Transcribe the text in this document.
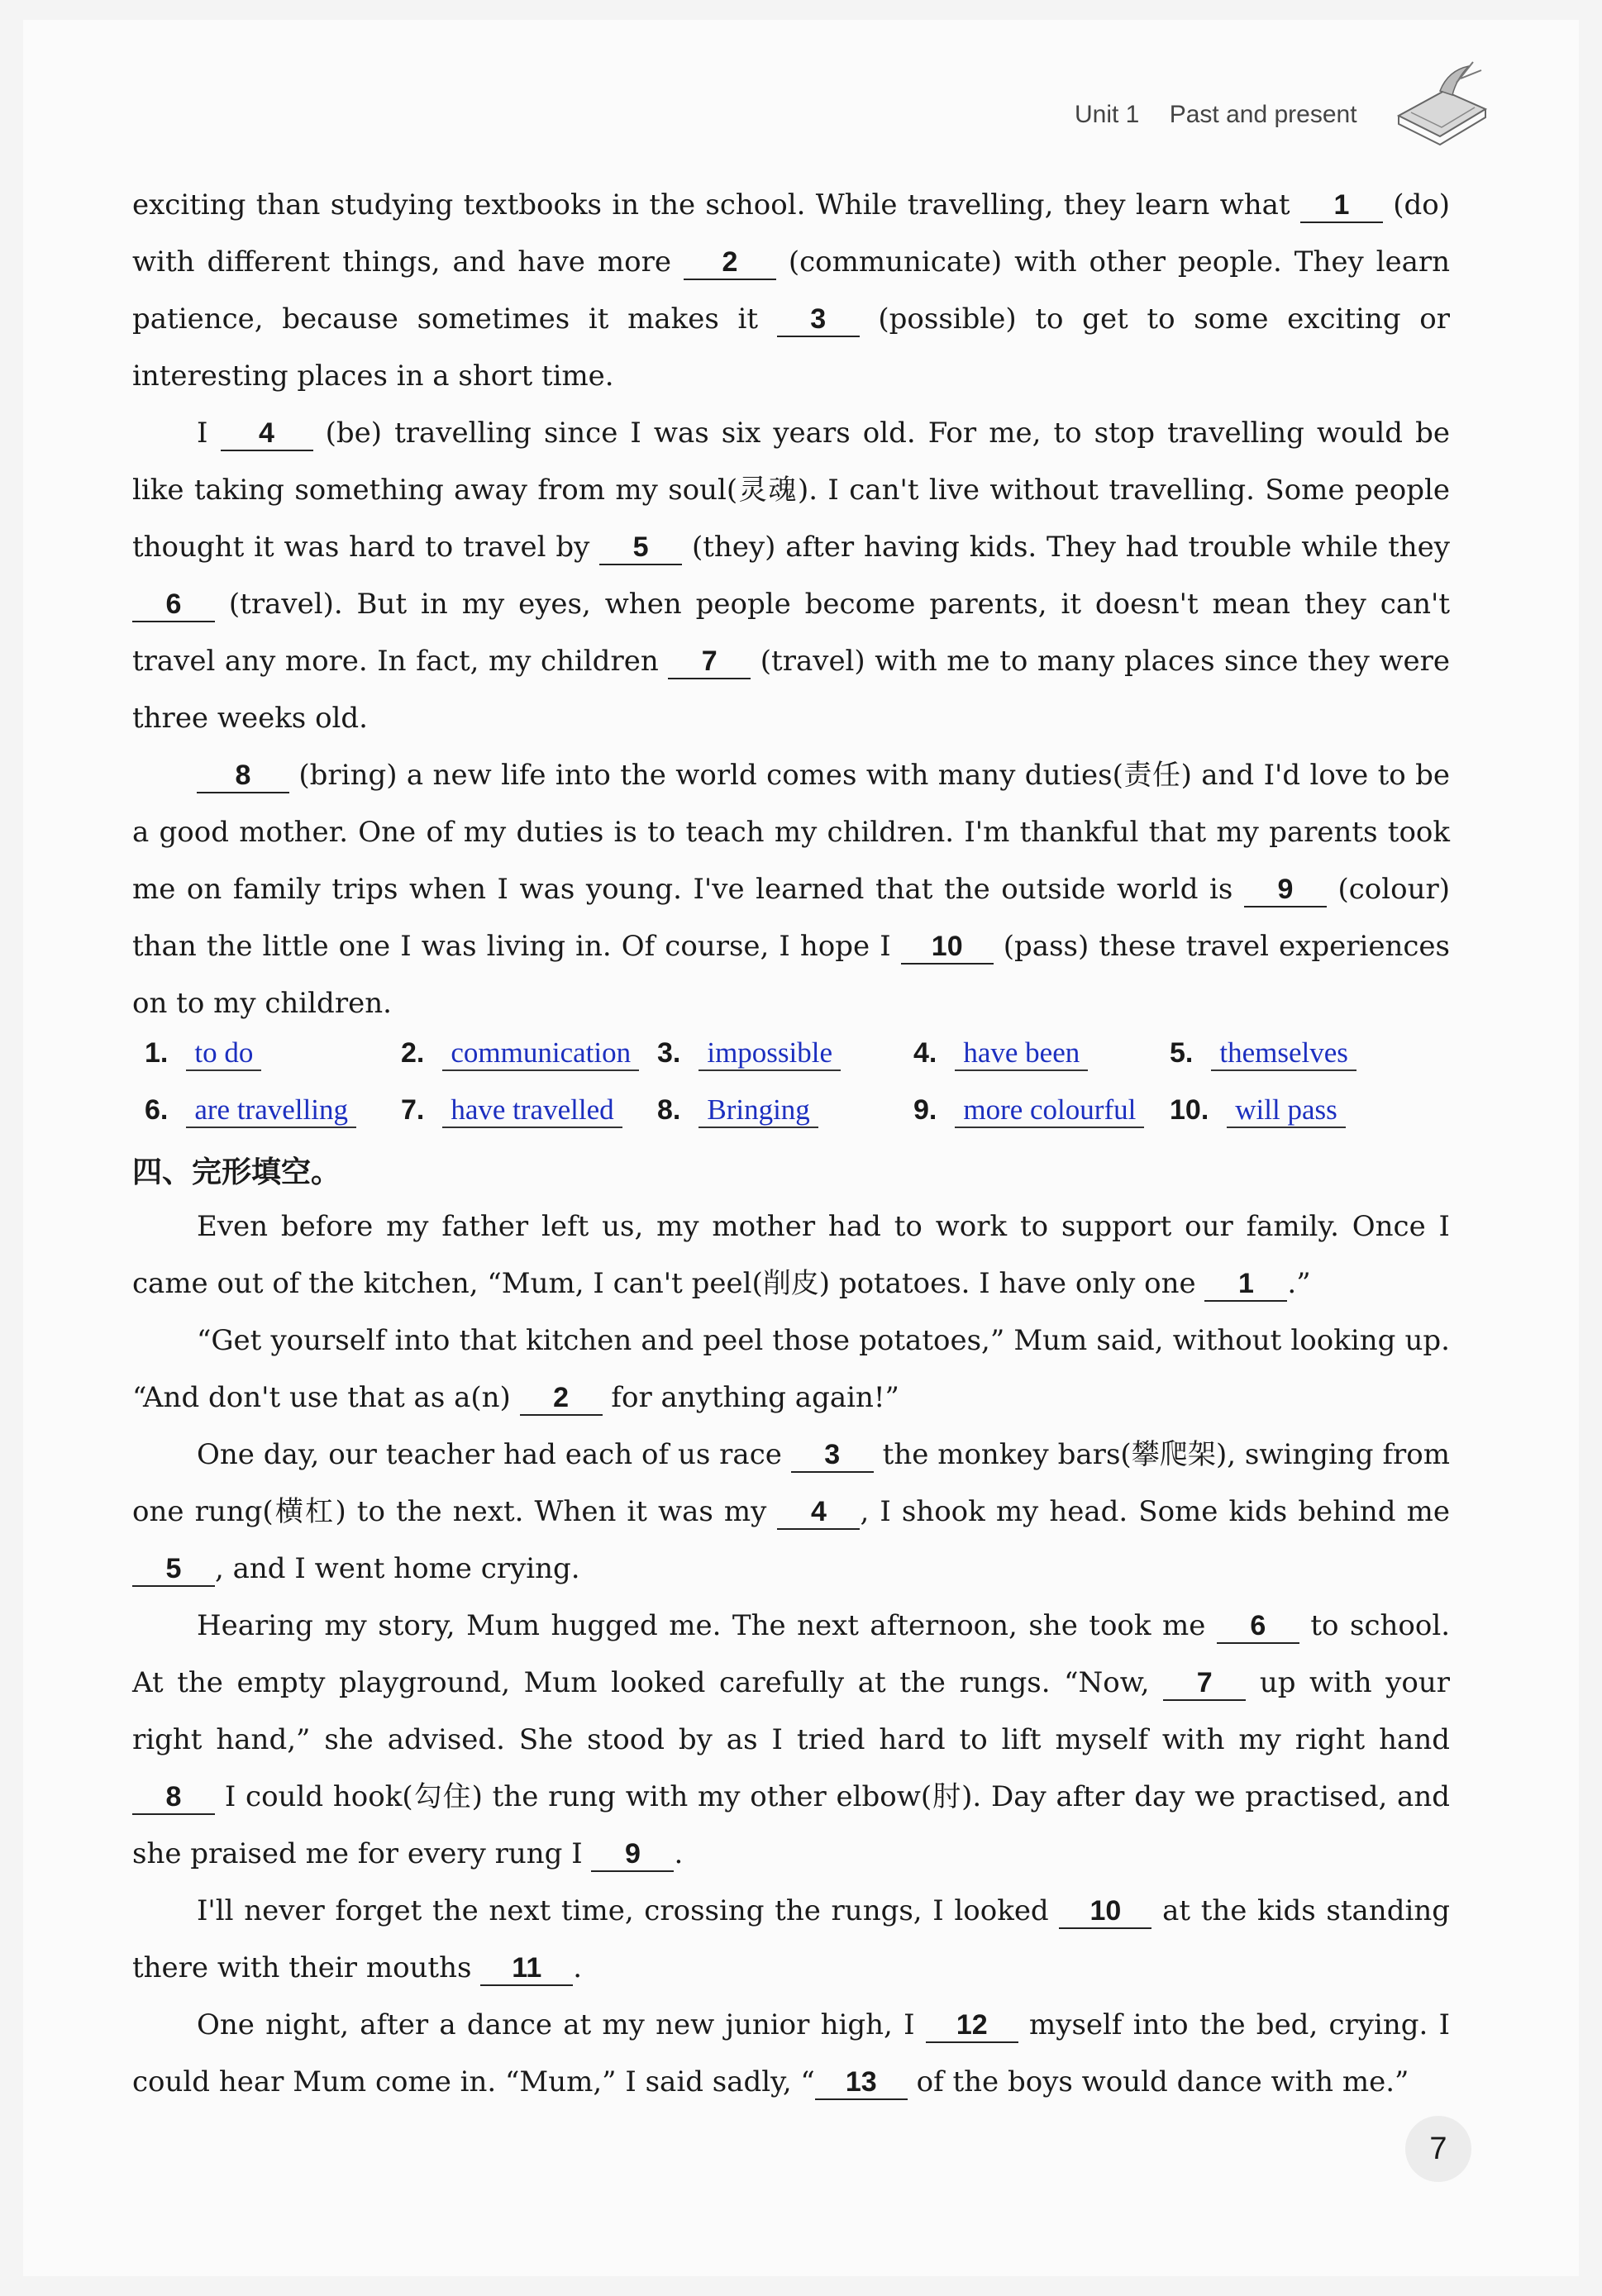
Unit 1 Past and present

exciting than studying textbooks in the school. While travelling, they learn what 1 (do) with different things, and have more 2 (communicate) with other people. They learn patience, because sometimes it makes it 3 (possible) to get to some exciting or interesting places in a short time.

I 4 (be) travelling since I was six years old. For me, to stop travelling would be like taking something away from my soul(灵魂). I can't live without travelling. Some people thought it was hard to travel by 5 (they) after having kids. They had trouble while they 6 (travel). But in my eyes, when people become parents, it doesn't mean they can't travel any more. In fact, my children 7 (travel) with me to many places since they were three weeks old.

8 (bring) a new life into the world comes with many duties(责任) and I'd love to be a good mother. One of my duties is to teach my children. I'm thankful that my parents took me on family trips when I was young. I've learned that the outside world is 9 (colour) than the little one I was living in. Of course, I hope I 10 (pass) these travel experiences on to my children.

1. to do	2. communication 3. impossible	4. have been	5. themselves
6. are travelling 7. have travelled 8. Bringing	9. more colourful 10. will pass
四、完形填空。

Even before my father left us, my mother had to work to support our family. Once I came out of the kitchen, “Mum, I can't peel(削皮) potatoes. I have only one 1 .”

“Get yourself into that kitchen and peel those potatoes,” Mum said, without looking up. “And don't use that as a(n) 2 for anything again!”

One day, our teacher had each of us race 3 the monkey bars(攀爬架), swinging from one rung(横杠) to the next. When it was my 4 , I shook my head. Some kids behind me 5 , and I went home crying.

Hearing my story, Mum hugged me. The next afternoon, she took me 6 to school. At the empty playground, Mum looked carefully at the rungs. “Now, 7 up with your right hand,” she advised. She stood by as I tried hard to lift myself with my right hand 8 I could hook(勾住) the rung with my other elbow(肘). Day after day we practised, and she praised me for every rung I 9 .

I'll never forget the next time, crossing the rungs, I looked 10 at the kids standing there with their mouths 11 .

One night, after a dance at my new junior high, I 12 myself into the bed, crying. I could hear Mum come in. “Mum,” I said sadly, “ 13 of the boys would dance with me.”

7
